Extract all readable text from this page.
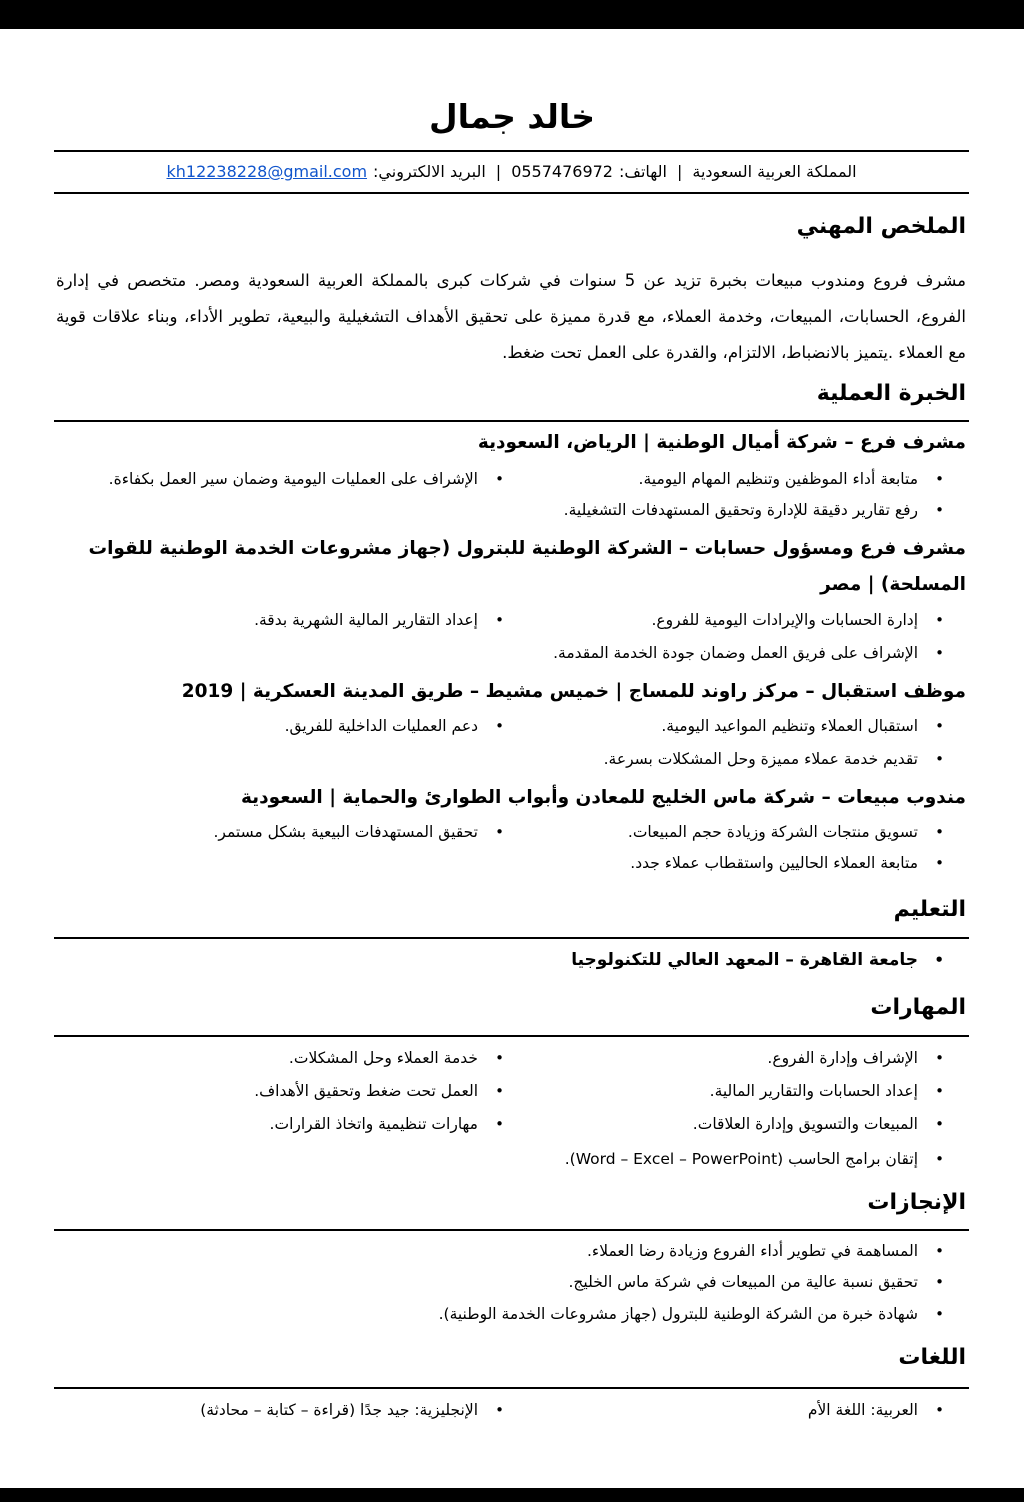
خالد جمال
المملكة العربية السعودية
|
الهاتف:
0557476972
|
البريد الالكتروني:
kh12238228@gmail.com
الملخص المهني
مشرف فروع ومندوب مبيعات بخبرة تزيد عن 5 سنوات في شركات كبرى بالمملكة العربية السعودية ومصر. متخصص في إدارة الفروع، الحسابات، المبيعات، وخدمة العملاء، مع قدرة مميزة على تحقيق الأهداف التشغيلية والبيعية، تطوير الأداء، وبناء علاقات قوية مع العملاء .يتميز بالانضباط، الالتزام، والقدرة على العمل تحت ضغط.
الخبرة العملية
مشرف فرع – شركة أميال الوطنية | الرياض، السعودية
• متابعة أداء الموظفين وتنظيم المهام اليومية.
• الإشراف على العمليات اليومية وضمان سير العمل بكفاءة.
• رفع تقارير دقيقة للإدارة وتحقيق المستهدفات التشغيلية.
مشرف فرع ومسؤول حسابات – الشركة الوطنية للبترول (جهاز مشروعات الخدمة الوطنية للقوات المسلحة) | مصر
• إدارة الحسابات والإيرادات اليومية للفروع.
• إعداد التقارير المالية الشهرية بدقة.
• الإشراف على فريق العمل وضمان جودة الخدمة المقدمة.
موظف استقبال – مركز راوند للمساج | خميس مشيط – طريق المدينة العسكرية | 2019
• استقبال العملاء وتنظيم المواعيد اليومية.
• دعم العمليات الداخلية للفريق.
• تقديم خدمة عملاء مميزة وحل المشكلات بسرعة.
مندوب مبيعات – شركة ماس الخليج للمعادن وأبواب الطوارئ والحماية | السعودية
• تسويق منتجات الشركة وزيادة حجم المبيعات.
• تحقيق المستهدفات البيعية بشكل مستمر.
• متابعة العملاء الحاليين واستقطاب عملاء جدد.
التعليم
• جامعة القاهرة – المعهد العالي للتكنولوجيا
المهارات
• الإشراف وإدارة الفروع.
• خدمة العملاء وحل المشكلات.
• إعداد الحسابات والتقارير المالية.
• العمل تحت ضغط وتحقيق الأهداف.
• المبيعات والتسويق وإدارة العلاقات.
• مهارات تنظيمية واتخاذ القرارات.
• إتقان برامج الحاسب (Word – Excel – PowerPoint).
الإنجازات
• المساهمة في تطوير أداء الفروع وزيادة رضا العملاء.
• تحقيق نسبة عالية من المبيعات في شركة ماس الخليج.
• شهادة خبرة من الشركة الوطنية للبترول (جهاز مشروعات الخدمة الوطنية).
اللغات
• العربية: اللغة الأم
• الإنجليزية: جيد جدًا (قراءة – كتابة – محادثة)
